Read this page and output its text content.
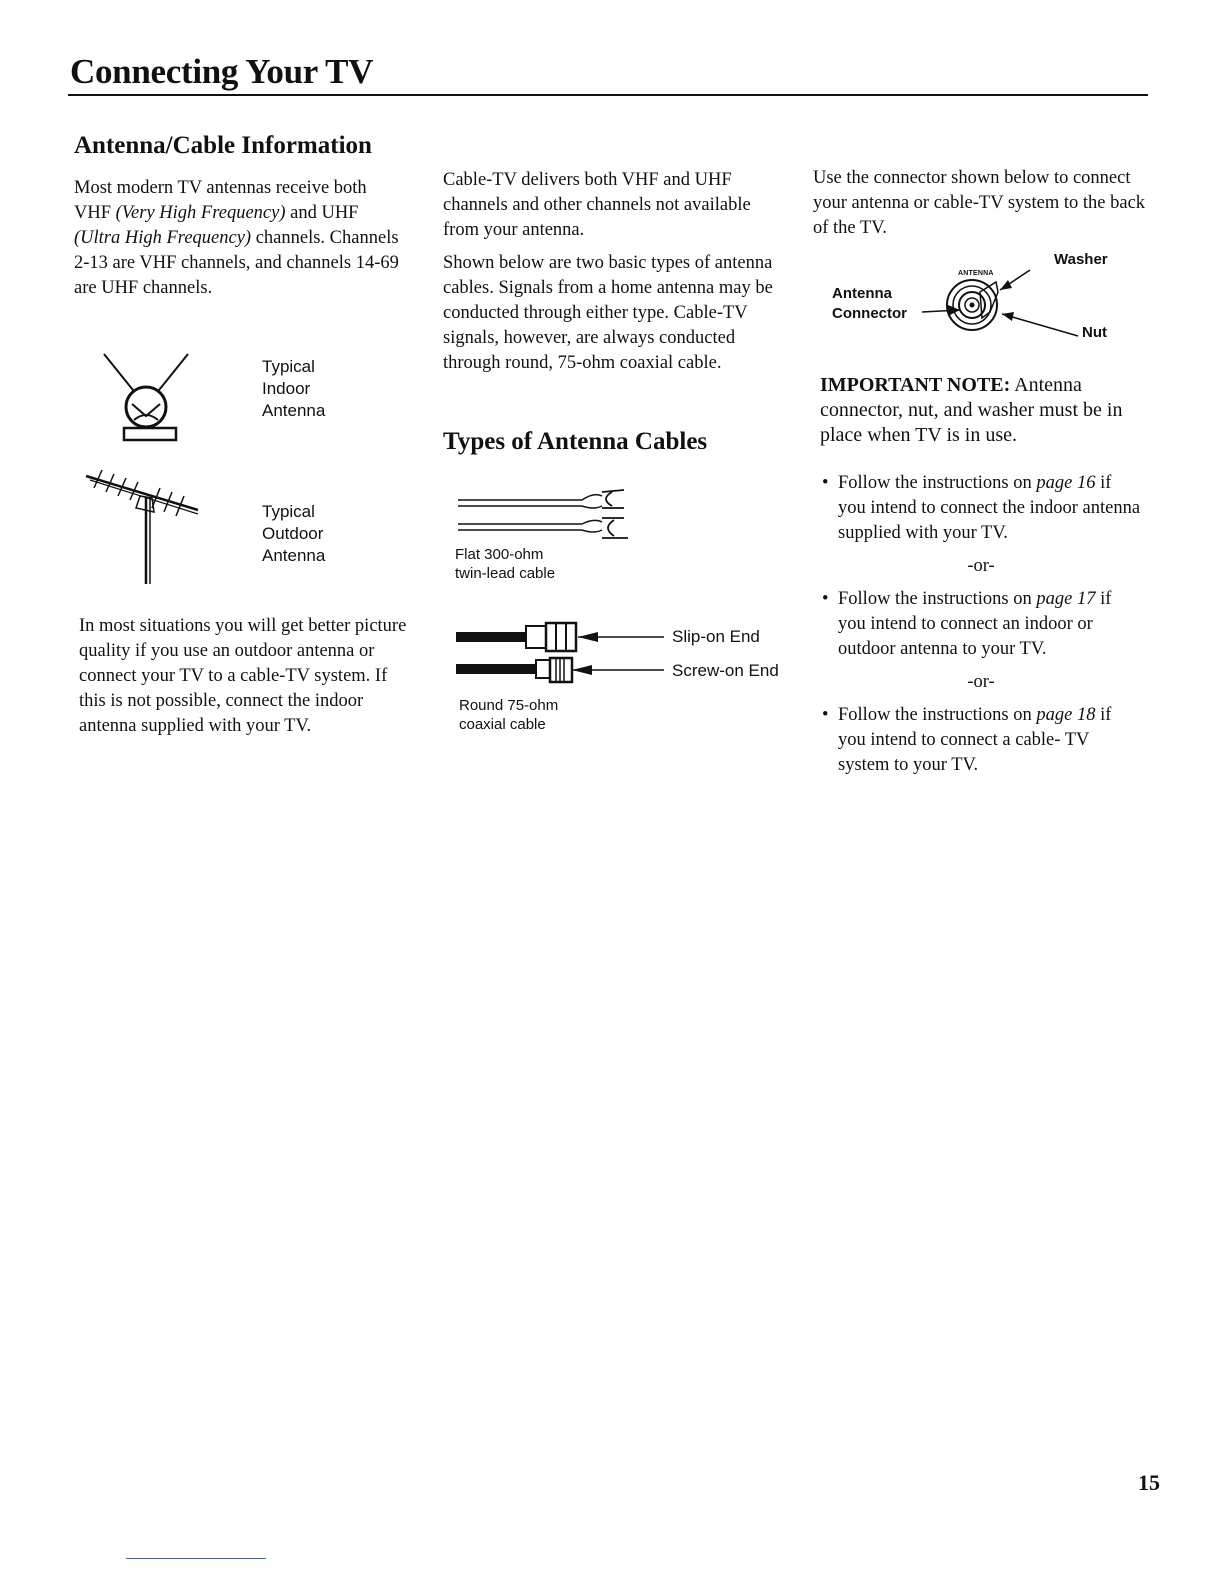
Connecting Your TV
Antenna/Cable Information
Most modern TV antennas receive both VHF (Very High Frequency) and UHF (Ultra High Frequency) channels. Channels 2-13 are VHF channels, and channels 14-69 are UHF channels.
Typical
Indoor
Antenna
Typical
Outdoor
Antenna
In most situations you will get better picture quality if you use an outdoor antenna or connect your TV to a cable-TV system. If this is not possible, connect the indoor antenna supplied with your TV.

Cable-TV delivers both VHF and UHF channels and other channels not available from your antenna.

Shown below are two basic types of antenna cables. Signals from a home antenna may be conducted through either type. Cable-TV signals, however, are always conducted through round, 75-ohm coaxial cable.

Types of Antenna Cables
Flat 300-ohm
twin-lead cable
Slip-on End
Screw-on End
Round 75-ohm
coaxial cable
Use the connector shown below to connect your antenna or cable-TV system to the back of the TV.
ANTENNA
Washer
Antenna
Connector
Nut
IMPORTANT NOTE: Antenna connector, nut, and washer must be in place when TV is in use.

• Follow the instructions on page 16 if you intend to connect the indoor antenna supplied with your TV.

-or-

• Follow the instructions on page 17 if you intend to connect an indoor or outdoor antenna to your TV.

-or-

• Follow the instructions on page 18 if you intend to connect a cable- TV system to your TV.

15
